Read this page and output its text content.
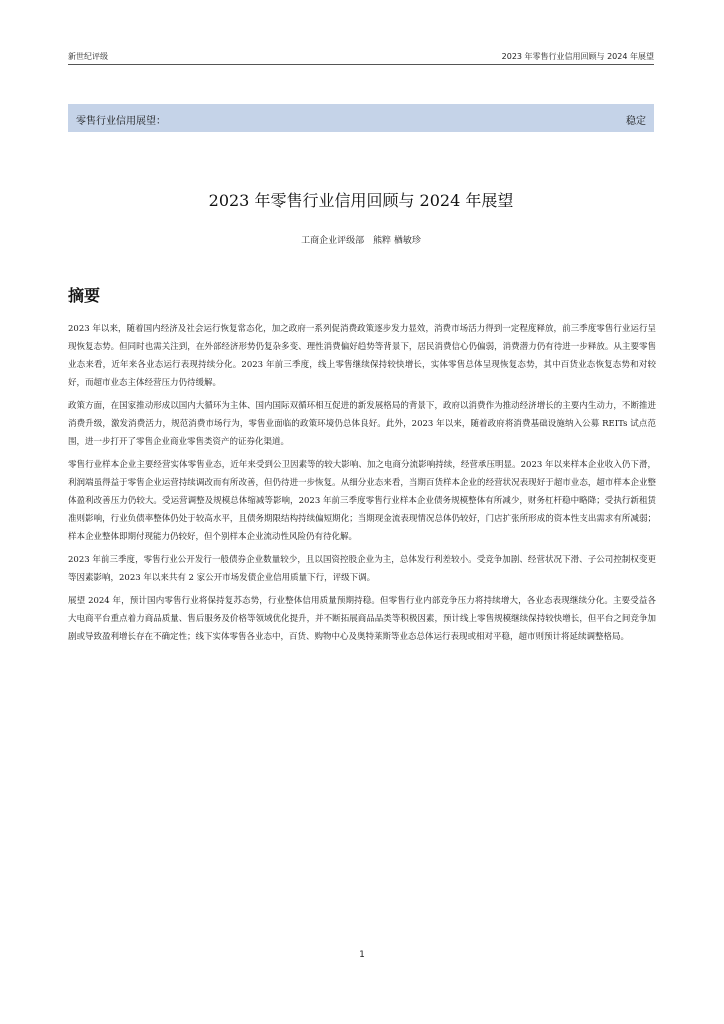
新世纪评级	2023 年零售行业信用回顾与 2024 年展望
零售行业信用展望：	稳定
2023 年零售行业信用回顾与 2024 年展望
工商企业评级部 熊粹 楢敏珍
摘要

2023 年以来，随着国内经济及社会运行恢复常态化，加之政府一系列促消费政策逐步发力显效，消费市场活力得到一定程度释放，前三季度零售行业运行呈现恢复态势。但同时也需关注到，在外部经济形势仍复杂多变、理性消费偏好趋势等背景下，居民消费信心仍偏弱，消费潜力仍有待进一步释放。从主要零售业态来看，近年来各业态运行表现持续分化。2023 年前三季度，线上零售继续保持较快增长，实体零售总体呈现恢复态势，其中百货业态恢复态势和对较好，而超市业态主体经营压力仍待缓解。

政策方面，在国家推动形成以国内大循环为主体、国内国际双循环相互促进的新发展格局的背景下，政府以消费作为推动经济增长的主要内生动力，不断推进消费升级，激发消费活力，规范消费市场行为，零售业面临的政策环境仍总体良好。此外，2023 年以来，随着政府将消费基础设施纳入公募 REITs 试点范围，进一步打开了零售企业商业零售类资产的证券化渠道。

零售行业样本企业主要经营实体零售业态，近年来受到公卫因素等的较大影响、加之电商分流影响持续，经营承压明显。2023 年以来样本企业收入仍下滑，利润端虽得益于零售企业运营持续调改而有所改善，但仍待进一步恢复。从细分业态来看，当期百货样本企业的经营状况表现好于超市业态，超市样本企业整体盈利改善压力仍较大。受运营调整及规模总体缩减等影响，2023 年前三季度零售行业样本企业债务规模整体有所减少，财务杠杆稳中略降；受执行新租赁准则影响，行业负债率整体仍处于较高水平，且债务期限结构持续偏短期化；当期现金流表现情况总体仍较好，门店扩张所形成的资本性支出需求有所减弱；样本企业整体即期付现能力仍较好，但个别样本企业流动性风险仍有待化解。

2023 年前三季度，零售行业公开发行一般债券企业数量较少，且以国资控股企业为主，总体发行利差较小。受竞争加剧、经营状况下滑、子公司控制权变更等因素影响，2023 年以来共有 2 家公开市场发债企业信用质量下行，评级下调。

展望 2024 年，预计国内零售行业将保持复苏态势，行业整体信用质量预期持稳。但零售行业内部竞争压力将持续增大，各业态表现继续分化。主要受益各大电商平台重点着力商品质量、售后服务及价格等领域优化提升，并不断拓展商品品类等积极因素，预计线上零售规模继续保持较快增长，但平台之间竞争加剧或导致盈利增长存在不确定性；线下实体零售各业态中，百货、购物中心及奥特莱斯等业态总体运行表现或相对平稳，超市则预计将延续调整格局。

1
